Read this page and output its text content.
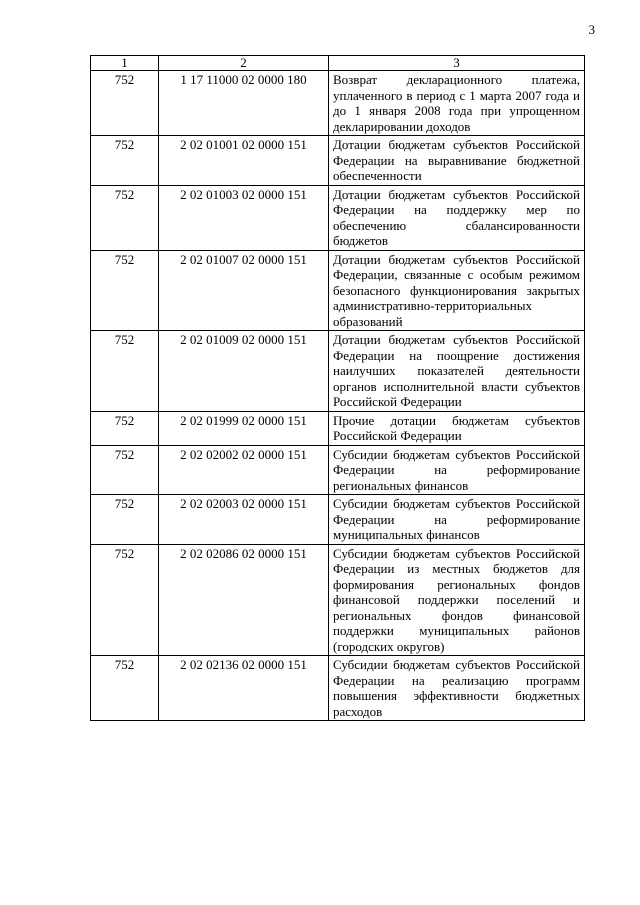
3
1	2	3
752	1 17 11000 02 0000 180	Возврат декларационного платежа, уплаченного в период с 1 марта 2007 года и до 1 января 2008 года при упрощенном декларировании доходов
752	2 02 01001 02 0000 151	Дотации бюджетам субъектов Российской Федерации на выравнивание бюджетной обеспеченности
752	2 02 01003 02 0000 151	Дотации бюджетам субъектов Российской Федерации на поддержку мер по обеспечению сбалансированности бюджетов
752	2 02 01007 02 0000 151	Дотации бюджетам субъектов Российской Федерации, связанные с особым режимом безопасного функционирования закрытых административно-территориальных образований
752	2 02 01009 02 0000 151	Дотации бюджетам субъектов Российской Федерации на поощрение достижения наилучших показателей деятельности органов исполнительной власти субъектов Российской Федерации
752	2 02 01999 02 0000 151	Прочие дотации бюджетам субъектов Российской Федерации
752	2 02 02002 02 0000 151	Субсидии бюджетам субъектов Российской Федерации на реформирование региональных финансов
752	2 02 02003 02 0000 151	Субсидии бюджетам субъектов Российской Федерации на реформирование муниципальных финансов
752	2 02 02086 02 0000 151	Субсидии бюджетам субъектов Российской Федерации из местных бюджетов для формирования региональных фондов финансовой поддержки поселений и региональных фондов финансовой поддержки муниципальных районов (городских округов)
752	2 02 02136 02 0000 151	Субсидии бюджетам субъектов Российской Федерации на реализацию программ повышения эффективности бюджетных расходов
